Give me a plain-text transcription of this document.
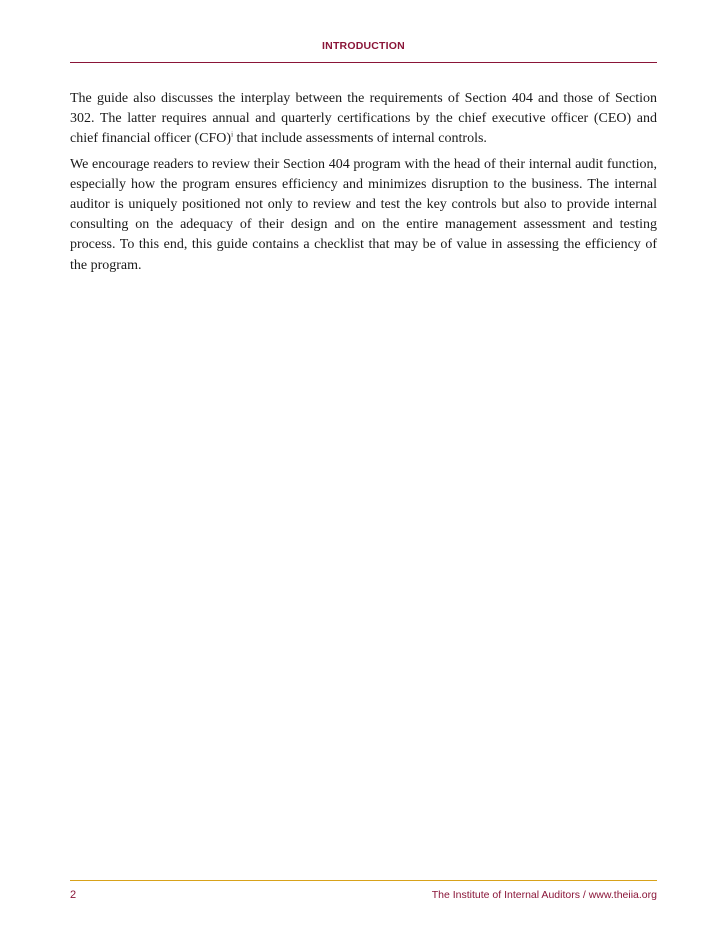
INTRODUCTION

The guide also discusses the interplay between the requirements of Section 404 and those of Section 302. The latter requires annual and quarterly certifications by the chief executive officer (CEO) and chief financial officer (CFO)$^i$ that include assessments of internal controls.

We encourage readers to review their Section 404 program with the head of their internal audit function, especially how the program ensures efficiency and minimizes disruption to the business. The internal auditor is uniquely positioned not only to review and test the key controls but also to provide internal consulting on the adequacy of their design and on the entire management assessment and testing process. To this end, this guide contains a checklist that may be of value in assessing the efficiency of the program.

2	The Institute of Internal Auditors / www.theiia.org
